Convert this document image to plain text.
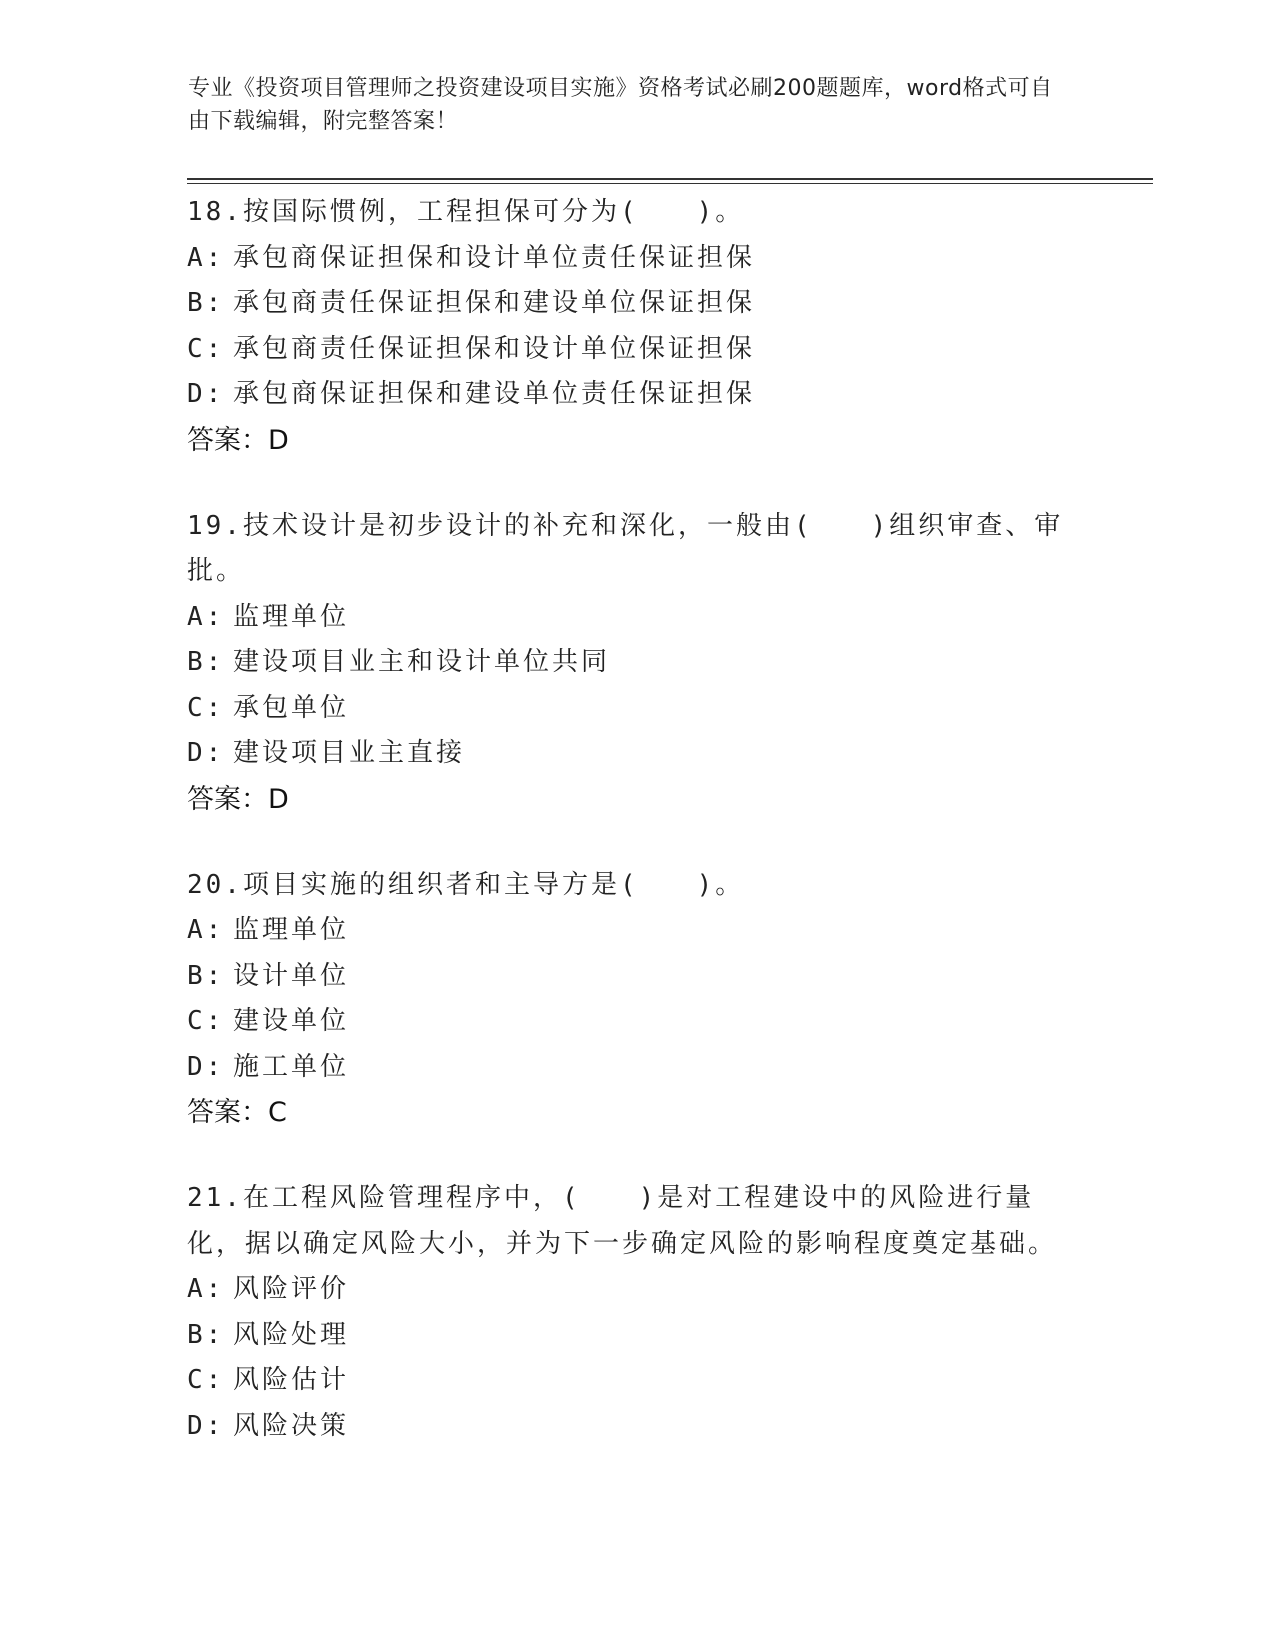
专业《投资项目管理师之投资建设项目实施》资格考试必刷200题题库，word格式可自由下载编辑，附完整答案！
18.按国际惯例，工程担保可分为(　　)。
A: 承包商保证担保和设计单位责任保证担保
B: 承包商责任保证担保和建设单位保证担保
C: 承包商责任保证担保和设计单位保证担保
D: 承包商保证担保和建设单位责任保证担保
答案：D
19.技术设计是初步设计的补充和深化，一般由(　　)组织审查、审批。
A: 监理单位
B: 建设项目业主和设计单位共同
C: 承包单位
D: 建设项目业主直接
答案：D
20.项目实施的组织者和主导方是(　　)。
A: 监理单位
B: 设计单位
C: 建设单位
D: 施工单位
答案：C
21.在工程风险管理程序中，(　　)是对工程建设中的风险进行量化，据以确定风险大小，并为下一步确定风险的影响程度奠定基础。
A: 风险评价
B: 风险处理
C: 风险估计
D: 风险决策
